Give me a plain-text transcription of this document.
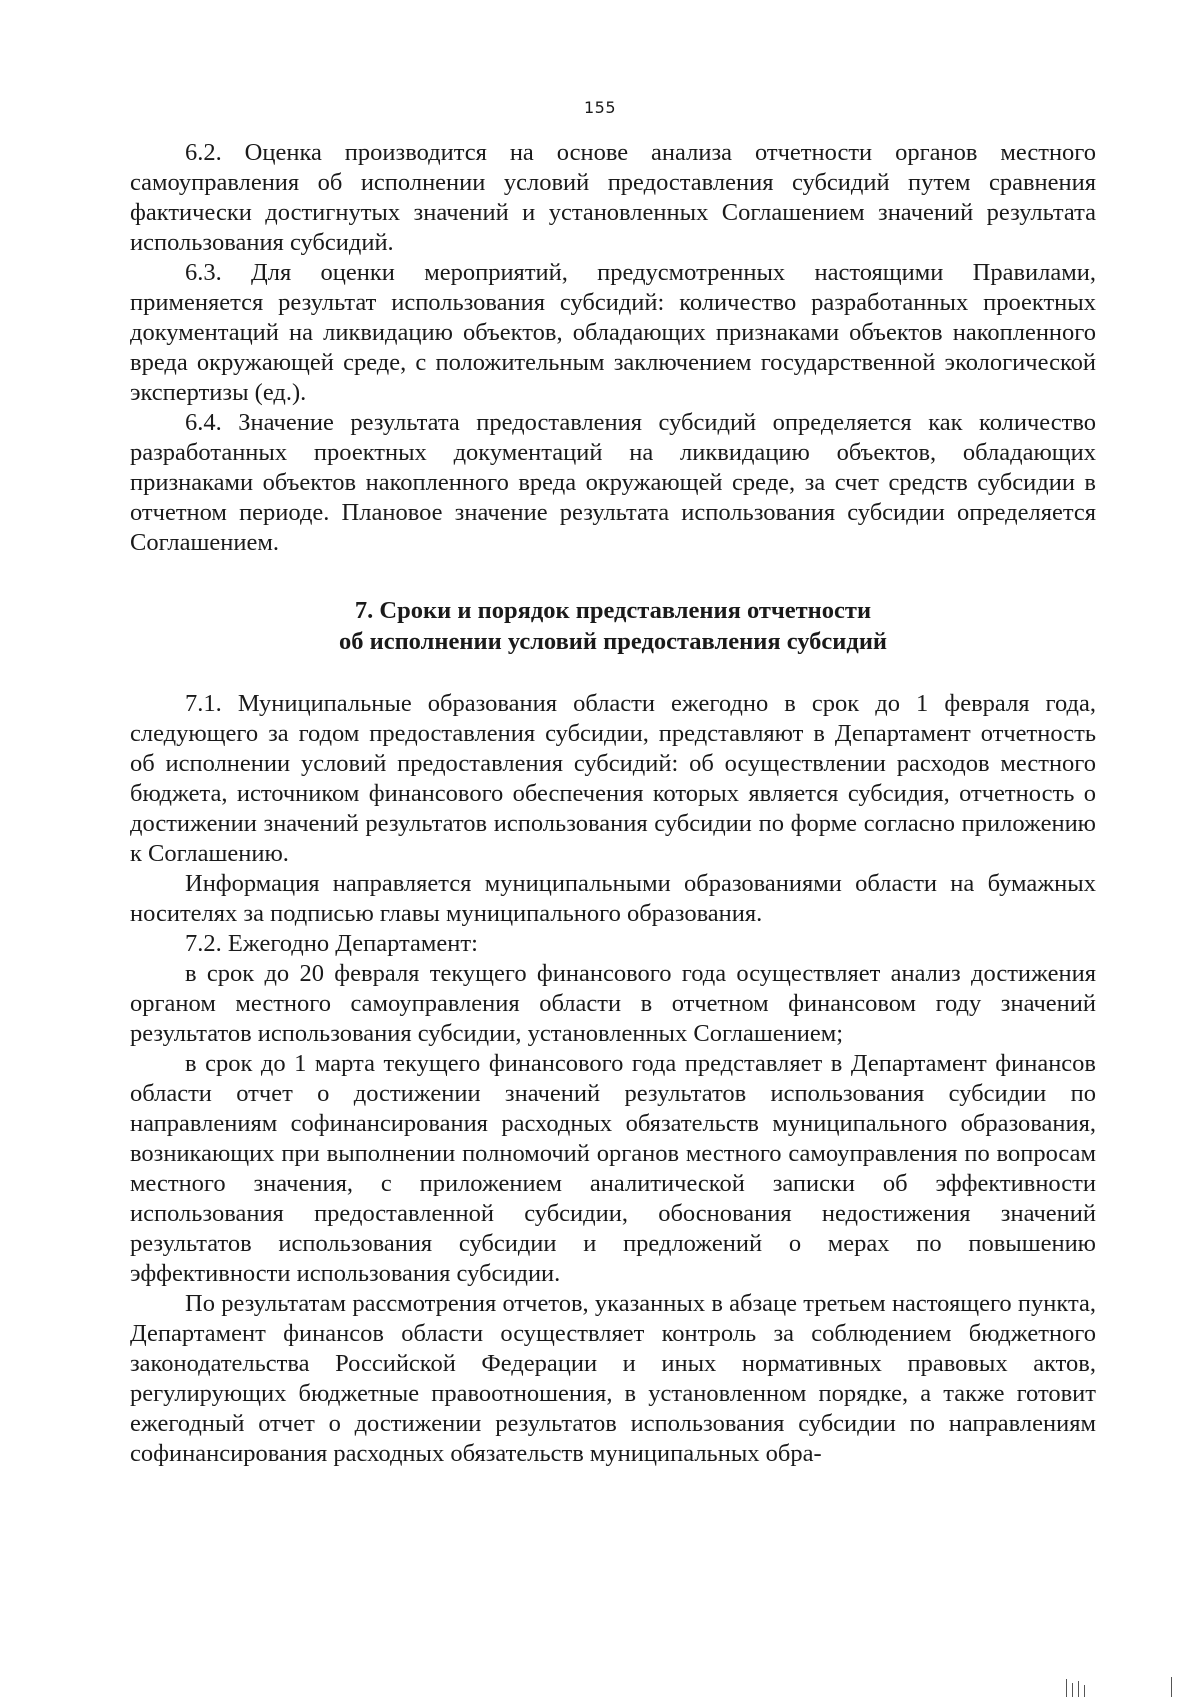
155

6.2. Оценка производится на основе анализа отчетности органов местного самоуправления об исполнении условий предоставления субсидий путем сравнения фактически достигнутых значений и установленных Соглашением значений результата использования субсидий.

6.3. Для оценки мероприятий, предусмотренных настоящими Правилами, применяется результат использования субсидий: количество разработанных проектных документаций на ликвидацию объектов, обладающих признаками объектов накопленного вреда окружающей среде, с положительным заключением государственной экологической экспертизы (ед.).

6.4. Значение результата предоставления субсидий определяется как количество разработанных проектных документаций на ликвидацию объектов, обладающих признаками объектов накопленного вреда окружающей среде, за счет средств субсидии в отчетном периоде. Плановое значение результата использования субсидии определяется Соглашением.

7. Сроки и порядок представления отчетности
об исполнении условий предоставления субсидий

7.1. Муниципальные образования области ежегодно в срок до 1 февраля года, следующего за годом предоставления субсидии, представляют в Департамент отчетность об исполнении условий предоставления субсидий: об осуществлении расходов местного бюджета, источником финансового обеспечения которых является субсидия, отчетность о достижении значений результатов использования субсидии по форме согласно приложению к Соглашению.

Информация направляется муниципальными образованиями области на бумажных носителях за подписью главы муниципального образования.

7.2. Ежегодно Департамент:

в срок до 20 февраля текущего финансового года осуществляет анализ достижения органом местного самоуправления области в отчетном финансовом году значений результатов использования субсидии, установленных Соглашением;

в срок до 1 марта текущего финансового года представляет в Департамент финансов области отчет о достижении значений результатов использования субсидии по направлениям софинансирования расходных обязательств муниципального образования, возникающих при выполнении полномочий органов местного самоуправления по вопросам местного значения, с приложением аналитической записки об эффективности использования предоставленной субсидии, обоснования недостижения значений результатов использования субсидии и предложений о мерах по повышению эффективности использования субсидии.

По результатам рассмотрения отчетов, указанных в абзаце третьем настоящего пункта, Департамент финансов области осуществляет контроль за соблюдением бюджетного законодательства Российской Федерации и иных нормативных правовых актов, регулирующих бюджетные правоотношения, в установленном порядке, а также готовит ежегодный отчет о достижении результатов использования субсидии по направлениям софинансирования расходных обязательств муниципальных обра-
